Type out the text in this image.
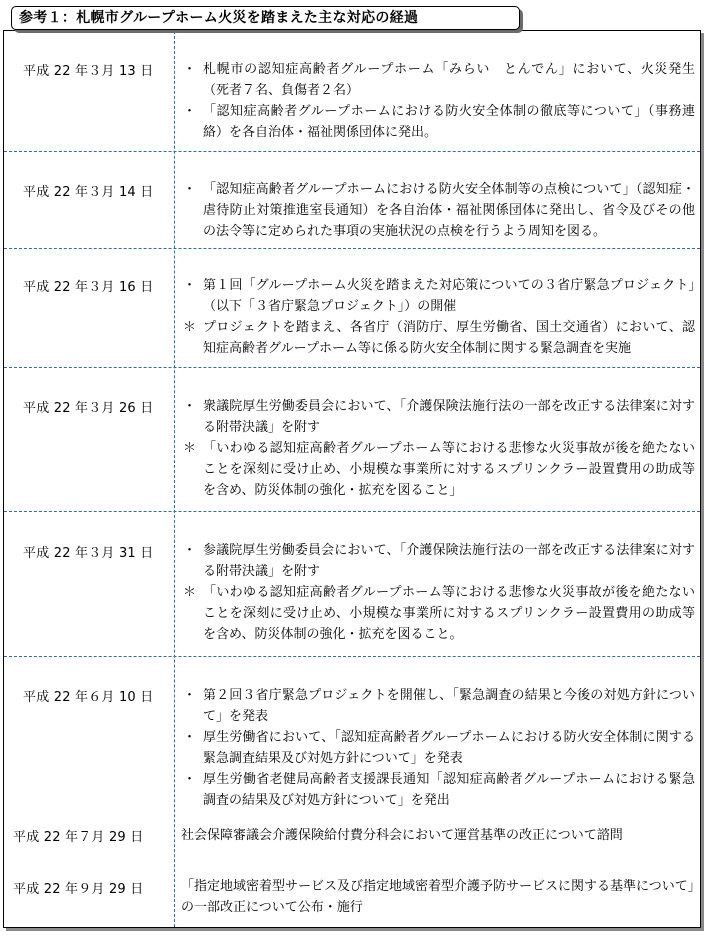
参考１：札幌市グループホーム火災を踏まえた主な対応の経過
平成 22 年３月 13 日 ・ 札幌市の認知症高齢者グループホーム「みらい　とんでん」において、火災発生（死者７名、負傷者２名）
・ 「認知症高齢者グループホームにおける防火安全体制の徹底等について」（事務連絡）を各自治体・福祉関係団体に発出。
平成 22 年３月 14 日 ・ 「認知症高齢者グループホームにおける防火安全体制等の点検について」（認知症・虐待防止対策推進室長通知）を各自治体・福祉関係団体に発出し、省令及びその他の法令等に定められた事項の実施状況の点検を行うよう周知を図る。
平成 22 年３月 16 日 ・ 第１回「グループホーム火災を踏まえた対応策についての３省庁緊急プロジェクト」（以下「３省庁緊急プロジェクト」）の開催
＊ プロジェクトを踏まえ、各省庁（消防庁、厚生労働省、国土交通省）において、認知症高齢者グループホーム等に係る防火安全体制に関する緊急調査を実施
平成 22 年３月 26 日 ・ 衆議院厚生労働委員会において、「介護保険法施行法の一部を改正する法律案に対する附帯決議」を附す
＊ 「いわゆる認知症高齢者グループホーム等における悲惨な火災事故が後を絶たないことを深刻に受け止め、小規模な事業所に対するスプリンクラー設置費用の助成等を含め、防災体制の強化・拡充を図ること」
平成 22 年３月 31 日 ・ 参議院厚生労働委員会において、「介護保険法施行法の一部を改正する法律案に対する附帯決議」を附す
＊ 「いわゆる認知症高齢者グループホーム等における悲惨な火災事故が後を絶たないことを深刻に受け止め、小規模な事業所に対するスプリンクラー設置費用の助成等を含め、防災体制の強化・拡充を図ること。
平成 22 年６月 10 日 ・ 第２回３省庁緊急プロジェクトを開催し、「緊急調査の結果と今後の対処方針について」を発表
・ 厚生労働省において、「認知症高齢者グループホームにおける防火安全体制に関する緊急調査結果及び対処方針について」を発表
・ 厚生労働省老健局高齢者支援課長通知「認知症高齢者グループホームにおける緊急調査の結果及び対処方針について」を発出
平成 22 年７月 29 日	社会保障審議会介護保険給付費分科会において運営基準の改正について諮問
平成 22 年９月 29 日	「指定地域密着型サービス及び指定地域密着型介護予防サービスに関する基準について」の一部改正について公布・施行
